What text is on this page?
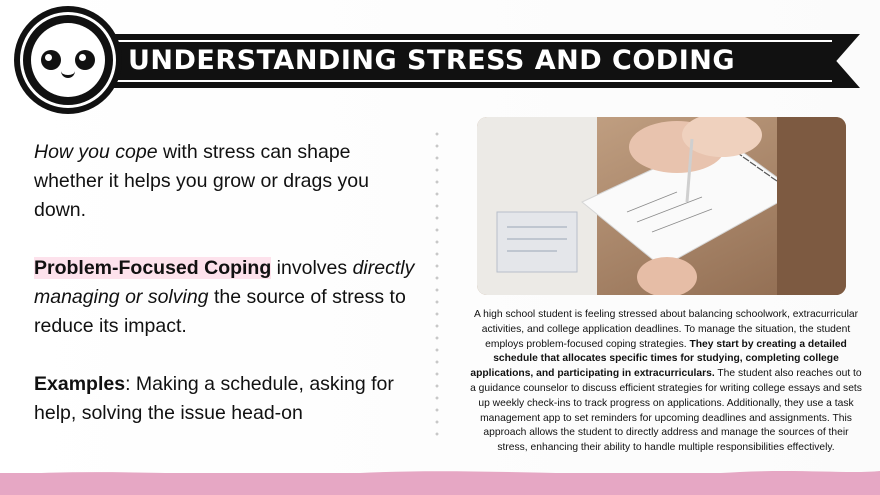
UNDERSTANDING STRESS AND CODING

How you cope with stress can shape whether it helps you grow or drags you down.

Problem-Focused Coping involves directly managing or solving the source of stress to reduce its impact.

Examples: Making a schedule, asking for help, solving the issue head-on

A high school student is feeling stressed about balancing schoolwork, extracurricular activities, and college application deadlines. To manage the situation, the student employs problem-focused coping strategies. They start by creating a detailed schedule that allocates specific times for studying, completing college applications, and participating in extracurriculars. The student also reaches out to a guidance counselor to discuss efficient strategies for writing college essays and sets up weekly check-ins to track progress on applications. Additionally, they use a task management app to set reminders for upcoming deadlines and assignments. This approach allows the student to directly address and manage the sources of their stress, enhancing their ability to handle multiple responsibilities effectively.
